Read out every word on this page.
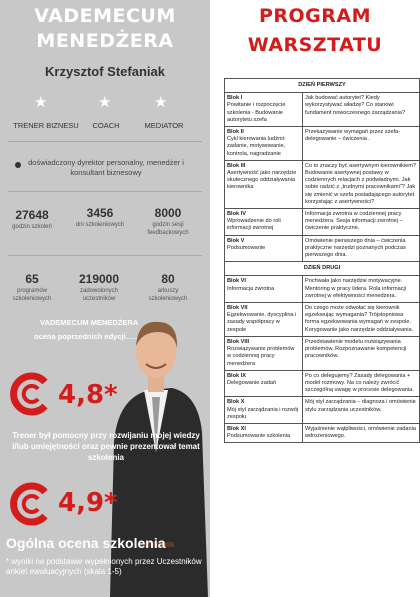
VADEMECUM
MENEDŻERA
Krzysztof Stefaniak
★	★	★
TRENER BIZNESU	COACH	MEDIATOR
doświadczony dyrektor personalny, menedżer i konsultant biznesowy
27648
godzin szkoleń
3456
dni szkoleniowych
8000
godzin sesji feedbackowych
65
programów szkoleniowych
219000
zadowolonych uczestników
80
arkuszy szkoleniowych
VADEMECUM MENEDŻERA
ocena poprzednich edycji…..
4,8*
Trener był pomocny przy rozwijaniu mojej wiedzy i/lub umiejętności oraz pewnie prezentował temat szkolenia
4,9*
Ogólna ocena szkolenia
* wyniki na podstawie wypełnionych przez Uczestników ankiet ewaluacyjnych (skala 1-5)
PROGRAM
WARSZTATU
DZIEŃ PIERWSZY	

Blok I
Powitanie i rozpoczęcie szkolenia - Budowanie autorytetu szefa	Jak budować autorytet? Kiedy wykorzystywać władzę? Co stanowi fundament nowoczesnego zarządzania?

Blok II
Cykl kierowania ludźmi: zadanie, motywowanie, kontrola, nagradzanie	Przekazywanie wymagań przez szefa-delegowanie – ćwiczenia .

Blok III
Asertywność jako narzędzie skutecznego oddziaływania kierownika	Co to znaczy być asertywnym kierownikiem? Budowanie asertywnej postawy w codziennych relacjach z podwładnymi. Jak sobie radzić z „trudnymi pracownikami"? Jak się zmienić w szefa posiadającego autorytet korzystając z asertywności?

Blok IV
Wprowadzenie do roli informacji zwrotnej	Informacja zwrotna w codziennej pracy menedżera. Sesja informacji zwrotnej – ćwiczenie praktyczne.

Blok V
Podsumowanie	Omówienie pierwszego dnia – ćwiczenia praktyczne narzędzi poznanych podczas pierwszego dnia.
DZIEŃ DRUGI	

Blok VI
Informacja zwrotna	Pochwała jako narzędzie motywacyjne. Mentoring w pracy lidera. Rola informacji zwrotnej w efektywności menedżera.

Blok VII
Egzekwowanie, dyscyplina i zasady współpracy w zespole	Do czego może odwołać się kierownik egzekwując wymagania? Trójstopniowa forma egzekwowania wymagań w zespole. Korygowanie jako narzędzie oddziaływania.

Blok VIII
Rozwiązywanie problemów w codziennej pracy menedżera	Przedstawienie modelu rozwiązywania problemów. Rozpoznawanie kompetencji pracowników.

Blok IX
Delegowanie zadań	Po co delegujemy? Zasady delegowania + model rozmowy. Na co należy zwrócić szczególną uwagę w procesie delegowania.

Blok X
Mój styl zarządzania i rozwój zespołu	Mój styl zarządzania – diagnoza i omówienie stylu zarządzania uczestników.

Blok XI
Podsumowanie szkolenia	Wyjaśnienie wątpliwości, omówienie zadania wdrożeniowego.
